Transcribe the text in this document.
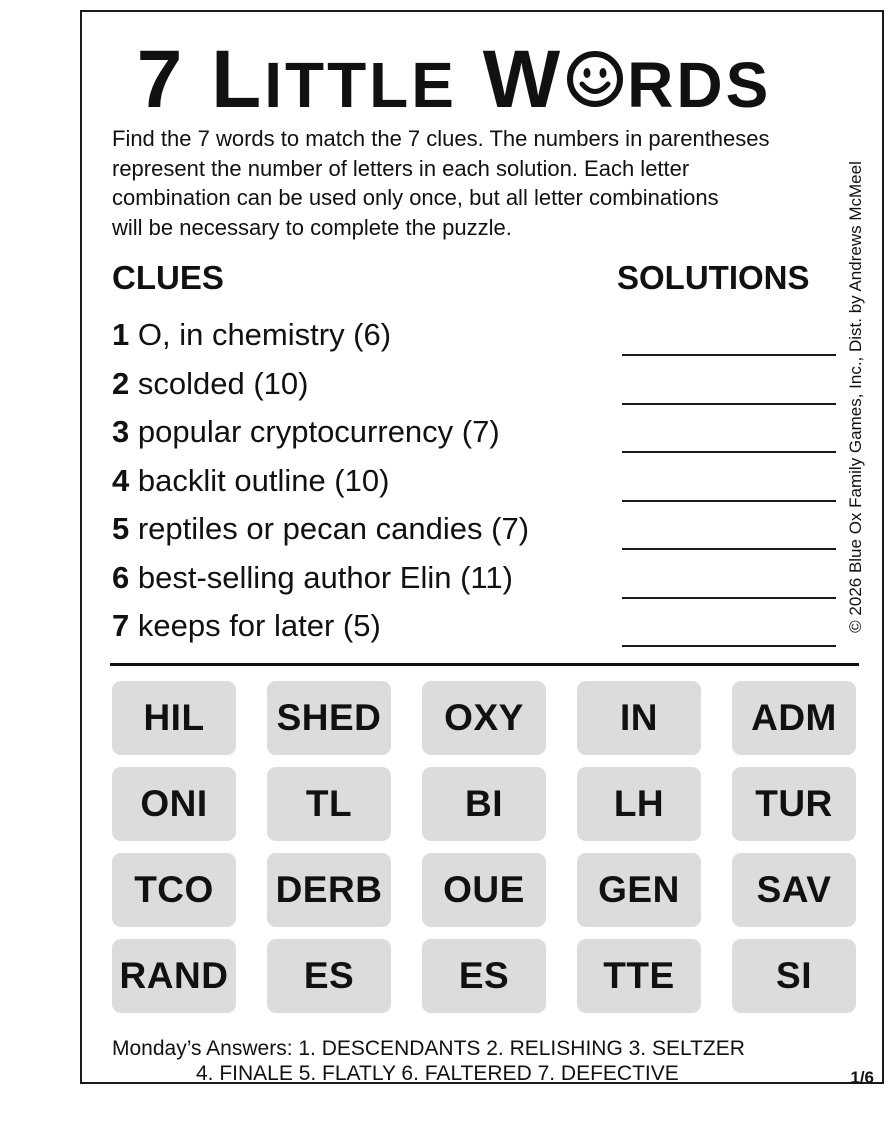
7 LITTLE W RDS

Find the 7 words to match the 7 clues. The numbers in parentheses

represent the number of letters in each solution. Each letter

combination can be used only once, but all letter combinations

will be necessary to complete the puzzle.

CLUES	SOLUTIONS
1 O, in chemistry (6)
2 scolded (10)
3 popular cryptocurrency (7)
4 backlit outline (10)
5 reptiles or pecan candies (7)
6 best-selling author Elin (11)
7 keeps for later (5)
HIL	SHED	OXY	IN	ADM
ONI	TL	BI	LH	TUR
TCO	DERB	OUE	GEN	SAV
RAND	ES	ES	TTE	SI
© 2026 Blue Ox Family Games, Inc., Dist. by Andrews McMeel
Monday’s Answers: 1. DESCENDANTS 2. RELISHING 3. SELTZER
4. FINALE 5. FLATLY 6. FALTERED 7. DEFECTIVE	1/6
